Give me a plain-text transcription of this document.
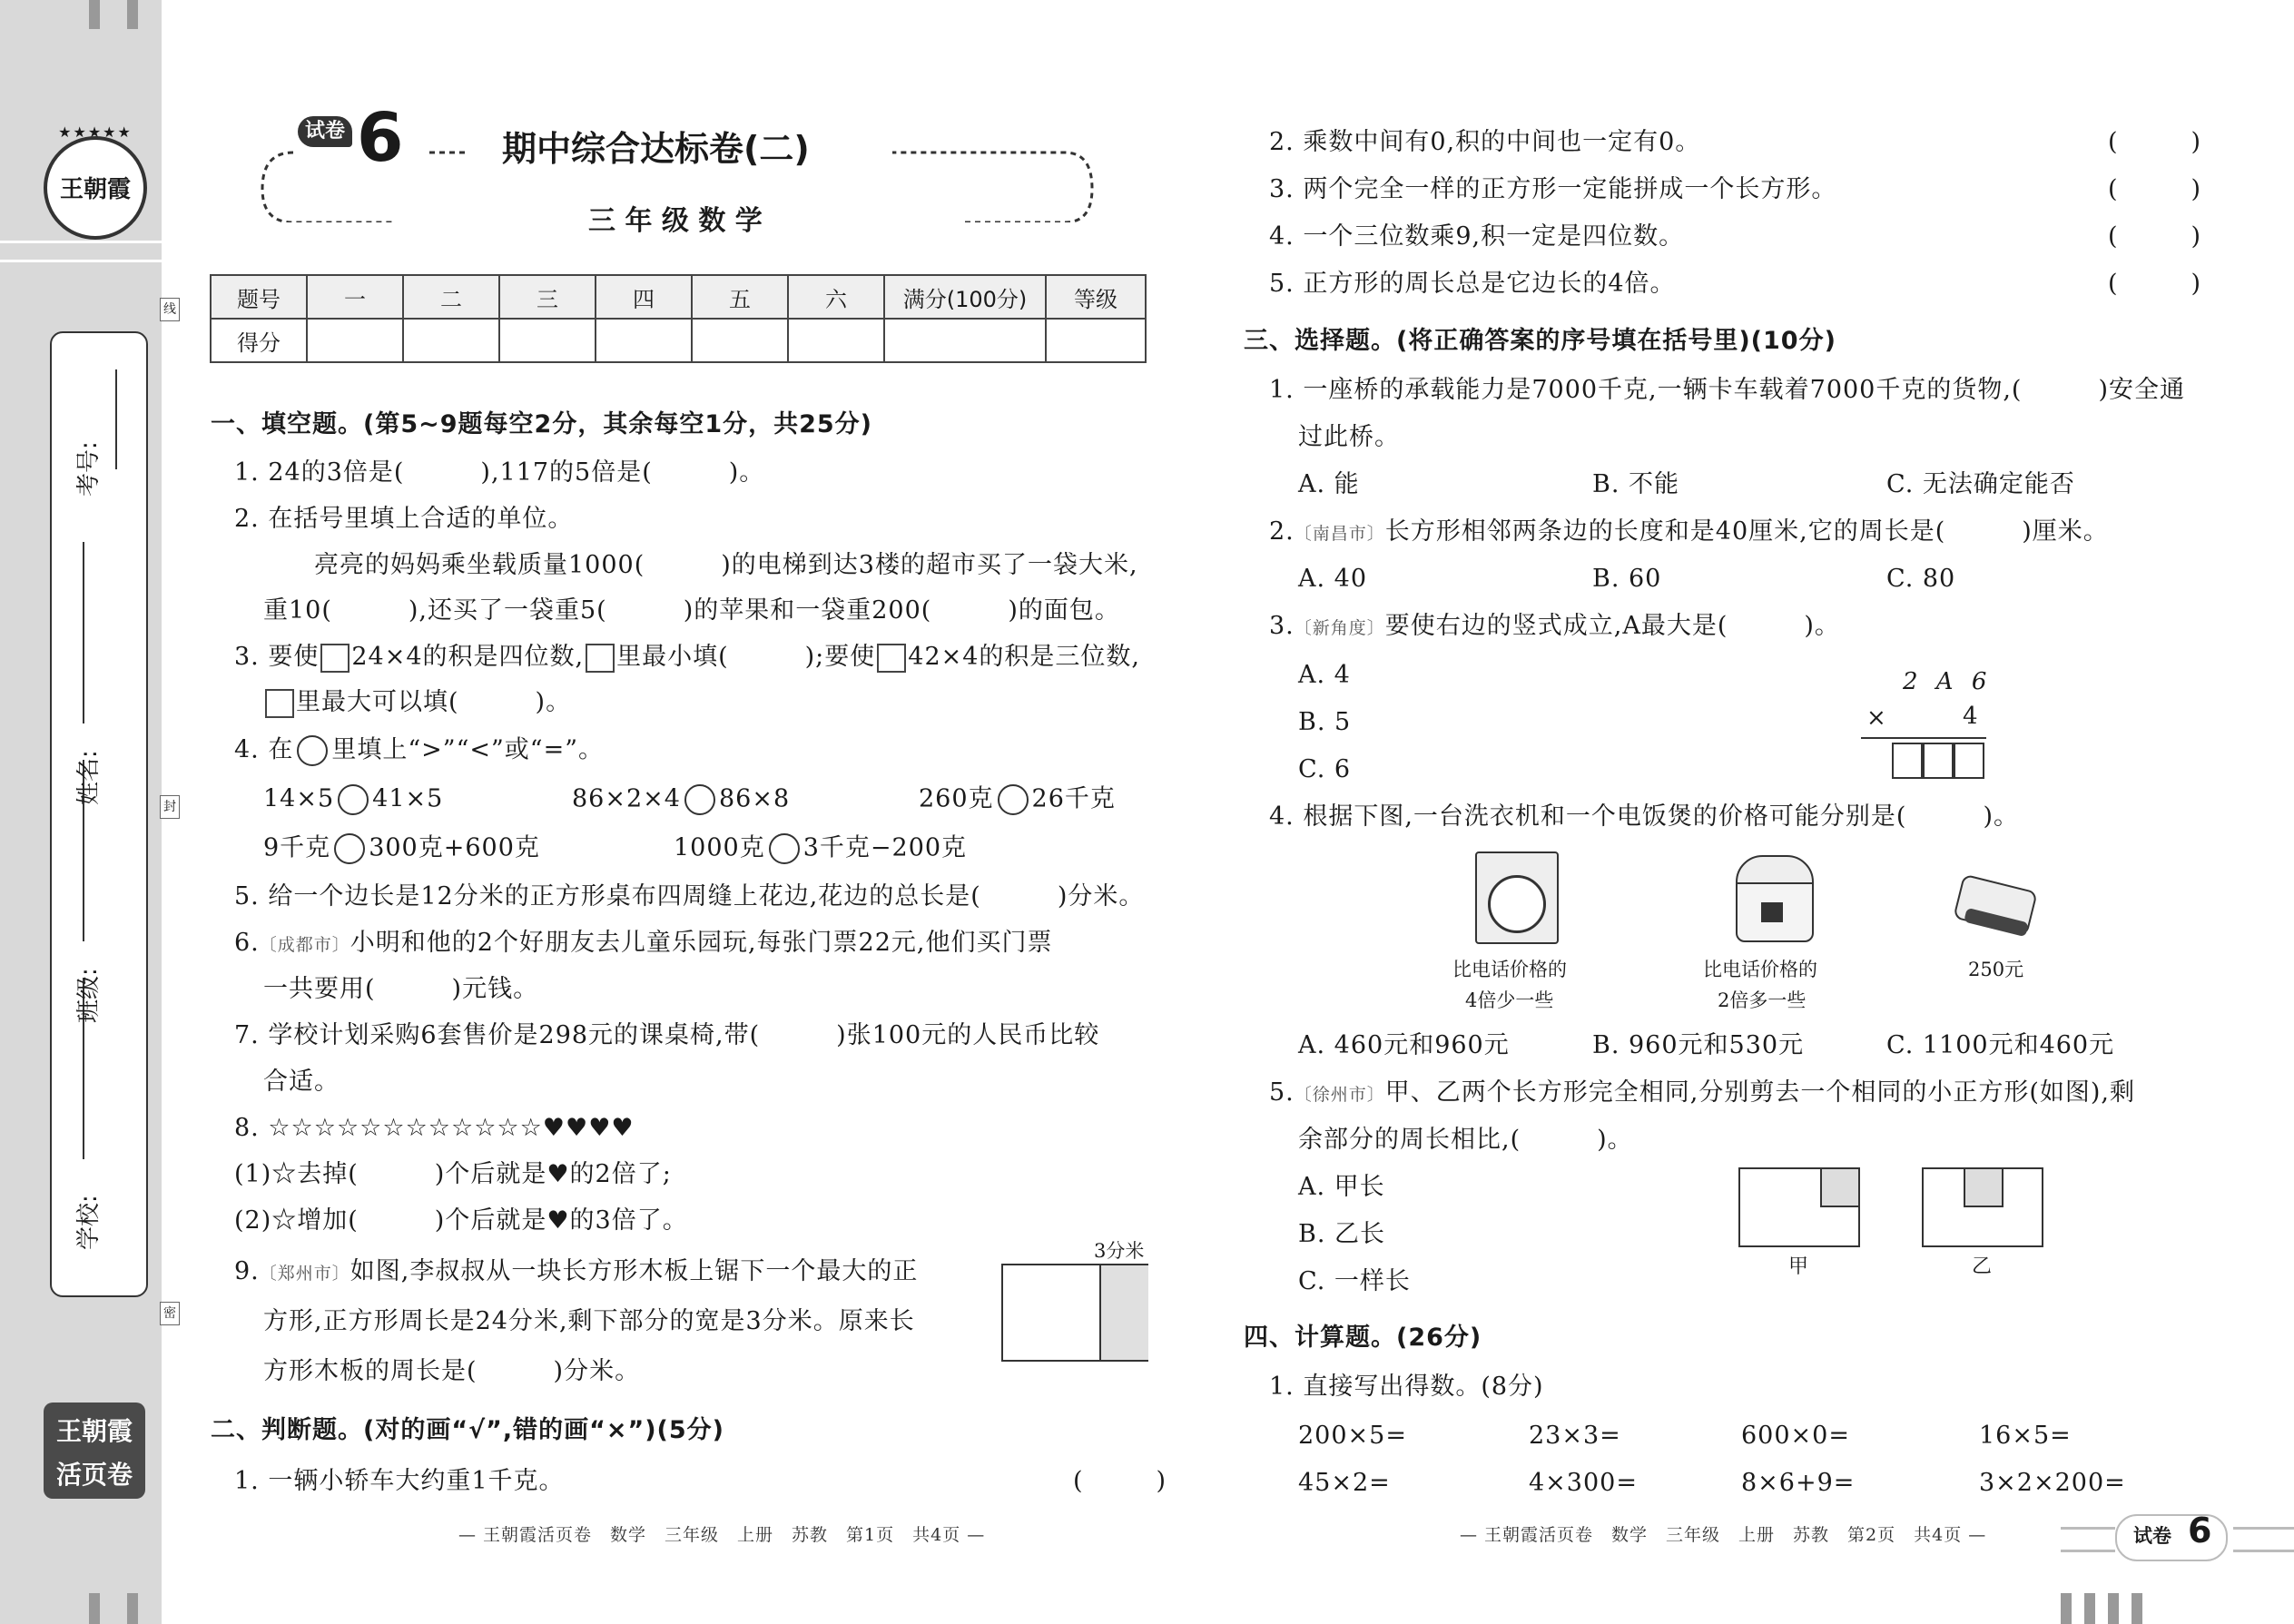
★★★★★
王朝霞
学校:
班级:
姓名:
考号:
线
封
密
王朝霞
活页卷
试卷 6	期中综合达标卷(二)
三 年 级 数 学
题号	一	二	三	四	五	六	满分(100分)	等级
得分								
一、填空题。(第5~9题每空2分，其余每空1分，共25分)
1. 24的3倍是(　　　),117的5倍是(　　　)。
2. 在括号里填上合适的单位。
亮亮的妈妈乘坐载质量1000(　　　)的电梯到达3楼的超市买了一袋大米,
重10(　　　),还买了一袋重5(　　　)的苹果和一袋重200(　　　)的面包。
3. 要使 24×4的积是四位数, 里最小填(　　　);要使 42×4的积是三位数,
里最大可以填(　　　)。
4. 在 里填上“>”“<”或“=”。
14×5 41×5	86×2×4 86×8	260克 26千克
9千克 300克+600克	1000克 3千克−200克
5. 给一个边长是12分米的正方形桌布四周缝上花边,花边的总长是(　　　)分米。
6.〔成都市〕小明和他的2个好朋友去儿童乐园玩,每张门票22元,他们买门票
一共要用(　　　)元钱。
7. 学校计划采购6套售价是298元的课桌椅,带(　　　)张100元的人民币比较
合适。
8. ☆☆☆☆☆☆☆☆☆☆☆☆♥♥♥♥
(1)☆去掉(　　　)个后就是♥的2倍了;
(2)☆增加(　　　)个后就是♥的3倍了。
9.〔郑州市〕如图,李叔叔从一块长方形木板上锯下一个最大的正
方形,正方形周长是24分米,剩下部分的宽是3分米。原来长
方形木板的周长是(　　　)分米。
3分米
二、判断题。(对的画“√”,错的画“×”)(5分)
1. 一辆小轿车大约重1千克。	(　　　)
— 王朝霞活页卷　数学　三年级　上册　苏教　第1页　共4页 —
2. 乘数中间有0,积的中间也一定有0。	(　　　)
3. 两个完全一样的正方形一定能拼成一个长方形。	(　　　)
4. 一个三位数乘9,积一定是四位数。	(　　　)
5. 正方形的周长总是它边长的4倍。	(　　　)
三、选择题。(将正确答案的序号填在括号里)(10分)
1. 一座桥的承载能力是7000千克,一辆卡车载着7000千克的货物,(　　　)安全通
过此桥。
A. 能	B. 不能	C. 无法确定能否
2.〔南昌市〕长方形相邻两条边的长度和是40厘米,它的周长是(　　　)厘米。
A. 40	B. 60	C. 80
3.〔新角度〕要使右边的竖式成立,A最大是(　　　)。
A. 4
B. 5
C. 6
2 A 6
×	4
4. 根据下图,一台洗衣机和一个电饭煲的价格可能分别是(　　　)。
比电话价格的
4倍少一些
比电话价格的
2倍多一些
250元
A. 460元和960元	B. 960元和530元	C. 1100元和460元
5.〔徐州市〕甲、乙两个长方形完全相同,分别剪去一个相同的小正方形(如图),剩
余部分的周长相比,(　　　)。
A. 甲长
B. 乙长
C. 一样长
甲	乙
四、计算题。(26分)
1. 直接写出得数。(8分)
200×5=	23×3=	600×0=	16×5=
45×2=	4×300=	8×6+9=	3×2×200=
— 王朝霞活页卷　数学　三年级　上册　苏教　第2页　共4页 —	试卷 6
